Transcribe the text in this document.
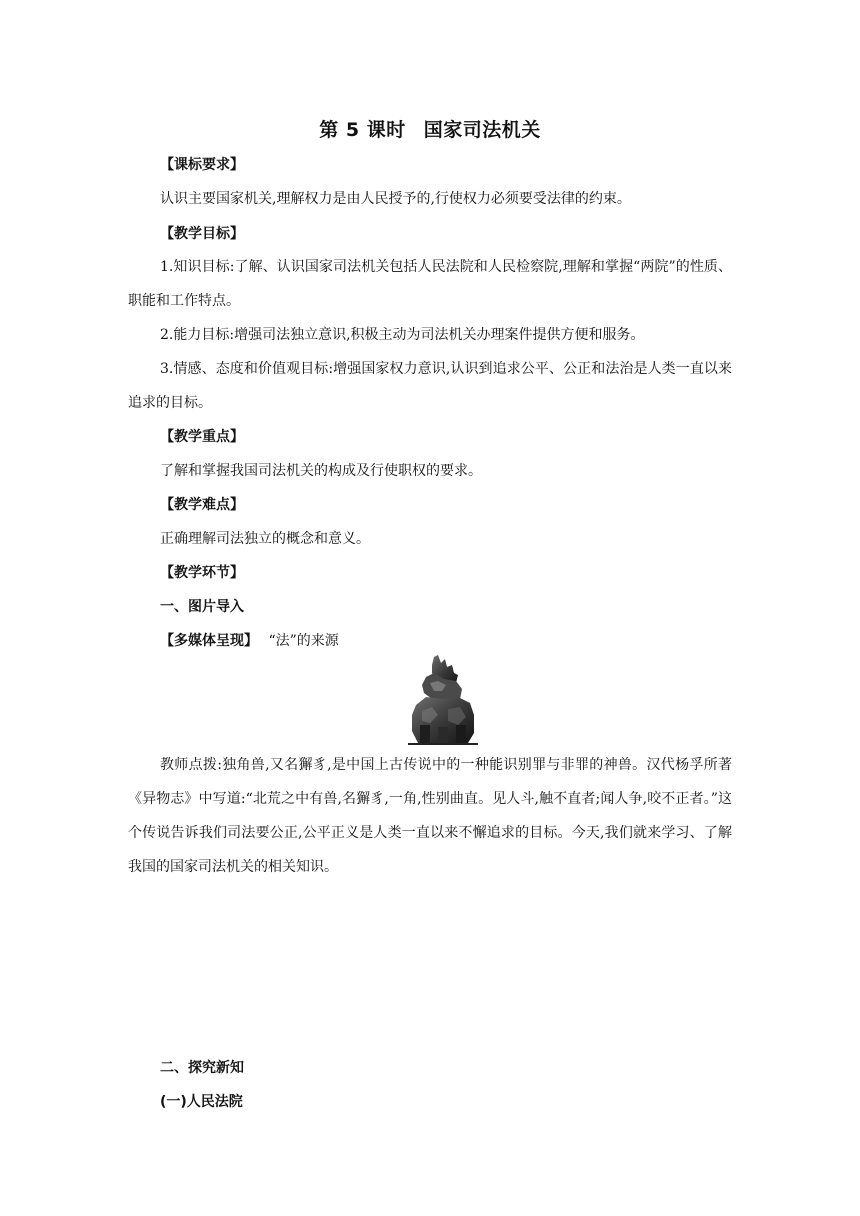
第 5 课时 国家司法机关
【课标要求】
认识主要国家机关,理解权力是由人民授予的,行使权力必须要受法律的约束。
【教学目标】
1.知识目标:了解、认识国家司法机关包括人民法院和人民检察院,理解和掌握“两院”的性质、职能和工作特点。
2.能力目标:增强司法独立意识,积极主动为司法机关办理案件提供方便和服务。
3.情感、态度和价值观目标:增强国家权力意识,认识到追求公平、公正和法治是人类一直以来追求的目标。
【教学重点】
了解和掌握我国司法机关的构成及行使职权的要求。
【教学难点】
正确理解司法独立的概念和意义。
【教学环节】
一、图片导入
【多媒体呈现】 “法”的来源
教师点拨:独角兽,又名獬豸,是中国上古传说中的一种能识别罪与非罪的神兽。汉代杨孚所著《异物志》中写道:“北荒之中有兽,名獬豸,一角,性别曲直。见人斗,触不直者;闻人争,咬不正者。”这个传说告诉我们司法要公正,公平正义是人类一直以来不懈追求的目标。今天,我们就来学习、了解我国的国家司法机关的相关知识。
二、探究新知
(一)人民法院
